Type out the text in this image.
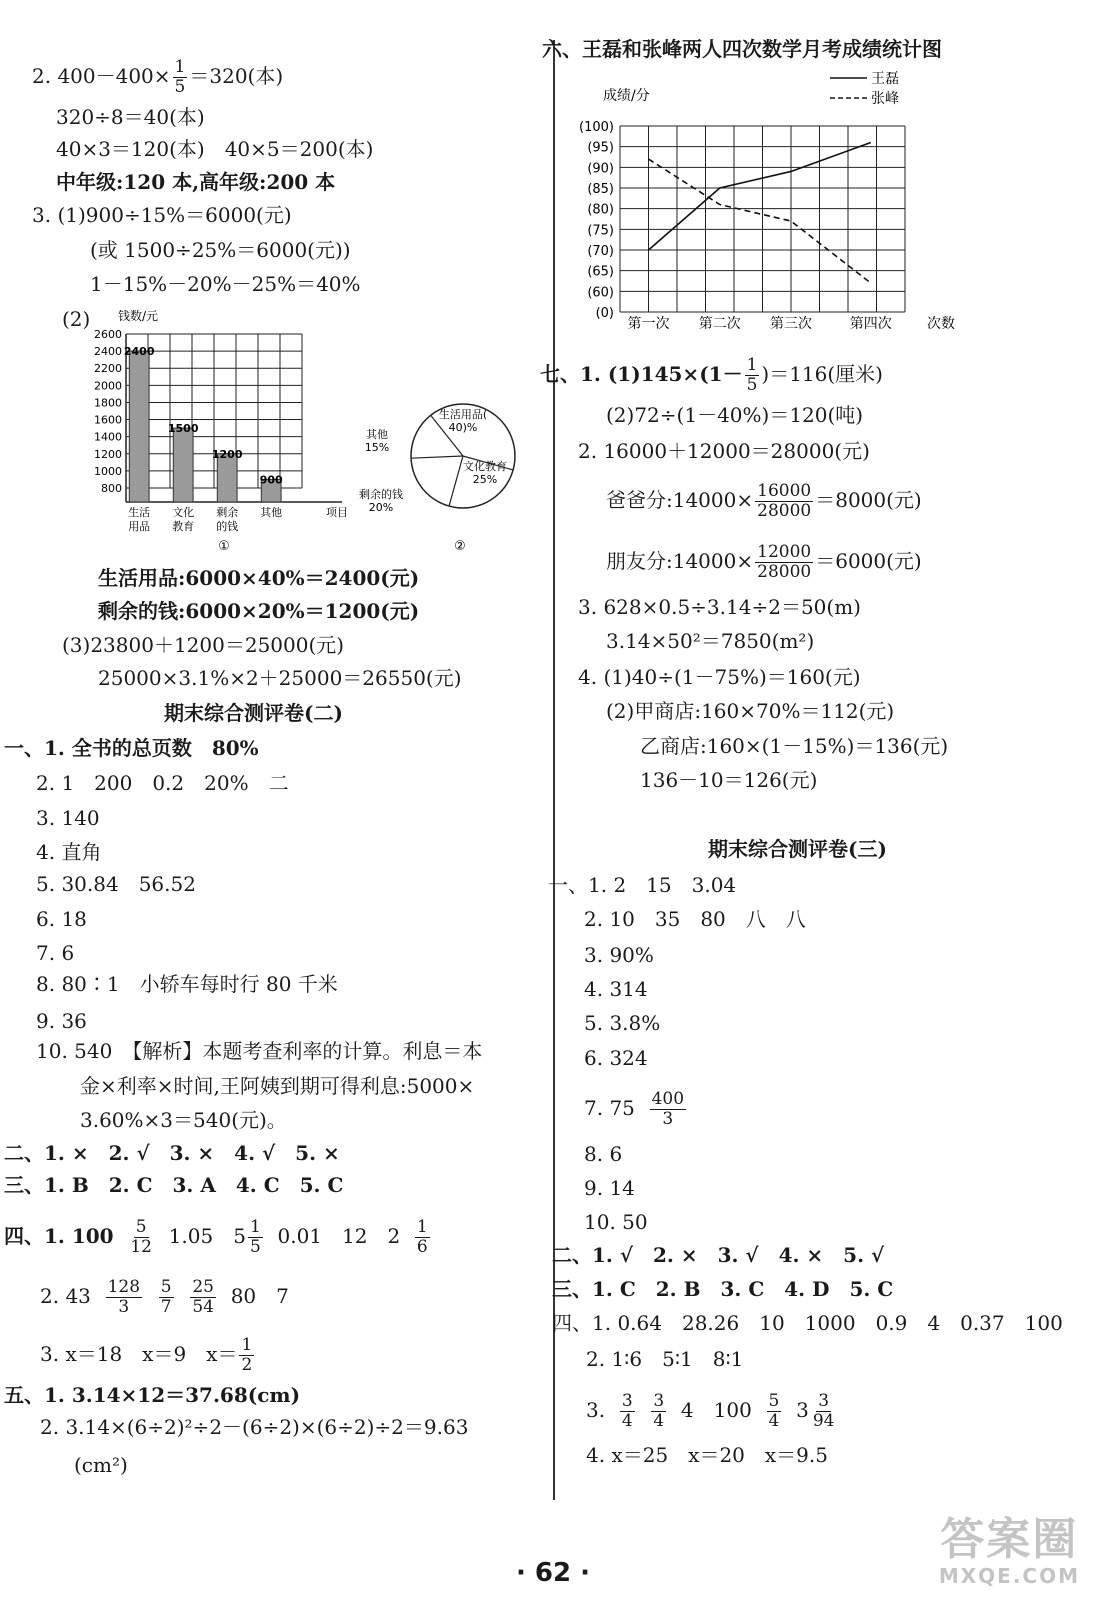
2. $400-400\times \frac{1}{5} =320$(本)
320÷8＝40(本)
40×3＝120(本)　40×5＝200(本)
中年级:120 本,高年级:200 本
3. (1)900÷15%＝6000(元)
(或 1500÷25%＝6000(元))
1－15%－20%－25%＝40%
(2) 钱数/元
800
1000
1200
1400
1600
1800
2000
2200
2400
2600
2400
生活
用品
1500
文化
教育
1200
剩余
的钱
900
其他	项目
①
生活用品(
40)%
文化教育
25%
剩余的钱
20%
其他
15%
②
生活用品:6000×40%＝2400(元)
剩余的钱:6000×20%＝1200(元)
(3)23800＋1200＝25000(元)
25000×3.1%×2＋25000＝26550(元)
期末综合测评卷(二)
一、1. 全书的总页数　80%
2. 1　200　0.2　20%　二
3. 140
4. 直角
5. 30.84　56.52
6. 18
7. 6
8. 80∶1　小轿车每时行 80 千米
9. 36
10. 540　【解析】本题考查利率的计算。利息＝本
金×利率×时间,王阿姨到期可得利息:5000×
3.60%×3＝540(元)。
二、1. ×　2. √　3. ×　4. √　5. ×
三、1. B　2. C　3. A　4. C　5. C
四、1. $100 \frac{5}{12} 1.05$　$5 \frac{1}{5} 0.01$　12　$2 \frac{1}{6}$
2. $43 \frac{128}{3}$
$\frac{5}{7}$
$\frac{25}{54} 80$　7
3. x＝18　x＝9　$x= \frac{1}{2}$
五、1. 3.14×12＝37.68(cm)
2. 3.14×(6÷2)²÷2－(6÷2)×(6÷2)÷2＝9.63
(cm²)
六、王磊和张峰两人四次数学月考成绩统计图
成绩/分
(0)
(60)
(65)
(70)
(75)
(80)
(85)
(90)
(95)
(100)
第一次 第二次 第三次	第四次	次数
王磊
张峰
七、1. $(1)145\times(1- \frac{1}{5} )=116$(厘米)
(2)72÷(1－40%)＝120(吨)
2. 16000＋12000＝28000(元)
爸爸分:14000× $\frac{16000}{28000} =8000$(元)
朋友分:14000× $\frac{12000}{28000} =6000$(元)
3. 628×0.5÷3.14÷2＝50(m)
3.14×50²＝7850(m²)
4. (1)40÷(1－75%)＝160(元)
(2)甲商店:160×70%＝112(元)
乙商店:160×(1－15%)＝136(元)
136－10＝126(元)
期末综合测评卷(三)
一、1. 2　15　3.04
2. 10　35　80　八　八
3. 90%
4. 314
5. 3.8%
6. 324
7. $75 \frac{400}{3}$
8. 6
9. 14
10. 50
二、1. √　2. ×　3. √　4. ×　5. √
三、1. C　2. B　3. C　4. D　5. C
四、1. 0.64　28.26　10　1000　0.9　4　0.37　100
2. 1∶6　5∶1　8∶1
3. $\frac{3}{4}$
$\frac{3}{4} 4$　$100 \frac{5}{4} 3 \frac{3}{94}$
4. x＝25　x＝20　x＝9.5
· 62 ·
答案圈
MXQE.COM
